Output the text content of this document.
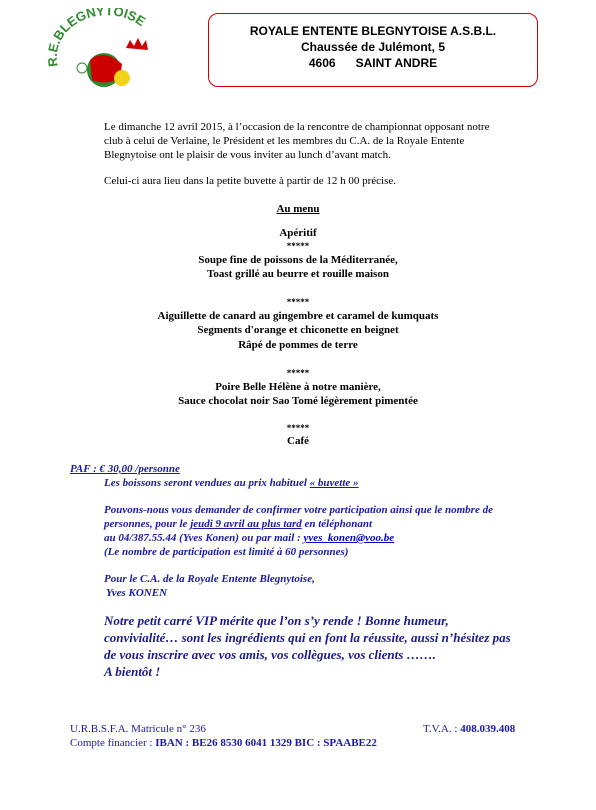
R.E.BLEGNYTOISE
ROYALE ENTENTE BLEGNYTOISE A.S.B.L.
Chaussée de Julémont, 5
4606 SAINT ANDRE
Le dimanche 12 avril 2015, à l’occasion de la rencontre de championnat opposant notre
club à celui de Verlaine, le Président et les membres du C.A. de la Royale Entente
Blegnytoise ont le plaisir de vous inviter au lunch d’avant match.
Celui-ci aura lieu dans la petite buvette à partir de 12 h 00 précise.
Au menu
Apéritif
*****
Soupe fine de poissons de la Méditerranée,
Toast grillé au beurre et rouille maison
*****
Aiguillette de canard au gingembre et caramel de kumquats
Segments d'orange et chiconette en beignet
Râpé de pommes de terre
*****
Poire Belle Hélène à notre manière,
Sauce chocolat noir Sao Tomé légèrement pimentée
*****
Café
PAF : € 30,00 /personne
Les boissons seront vendues au prix habituel « buvette »
Pouvons-nous vous demander de confirmer votre participation ainsi que le nombre de
personnes, pour le jeudi 9 avril au plus tard en téléphonant
au 04/387.55.44 (Yves Konen) ou par mail : yves_konen@voo.be
(Le nombre de participation est limité à 60 personnes)
Pour le C.A. de la Royale Entente Blegnytoise,
Yves KONEN
Notre petit carré VIP mérite que l’on s’y rende ! Bonne humeur,
convivialité… sont les ingrédients qui en font la réussite, aussi n’hésitez pas
de vous inscrire avec vos amis, vos collègues, vos clients …….
A bientôt !
U.R.B.S.F.A. Matricule n° 236	T.V.A. : 408.039.408
Compte financier : IBAN : BE26 8530 6041 1329 BIC : SPAABE22
